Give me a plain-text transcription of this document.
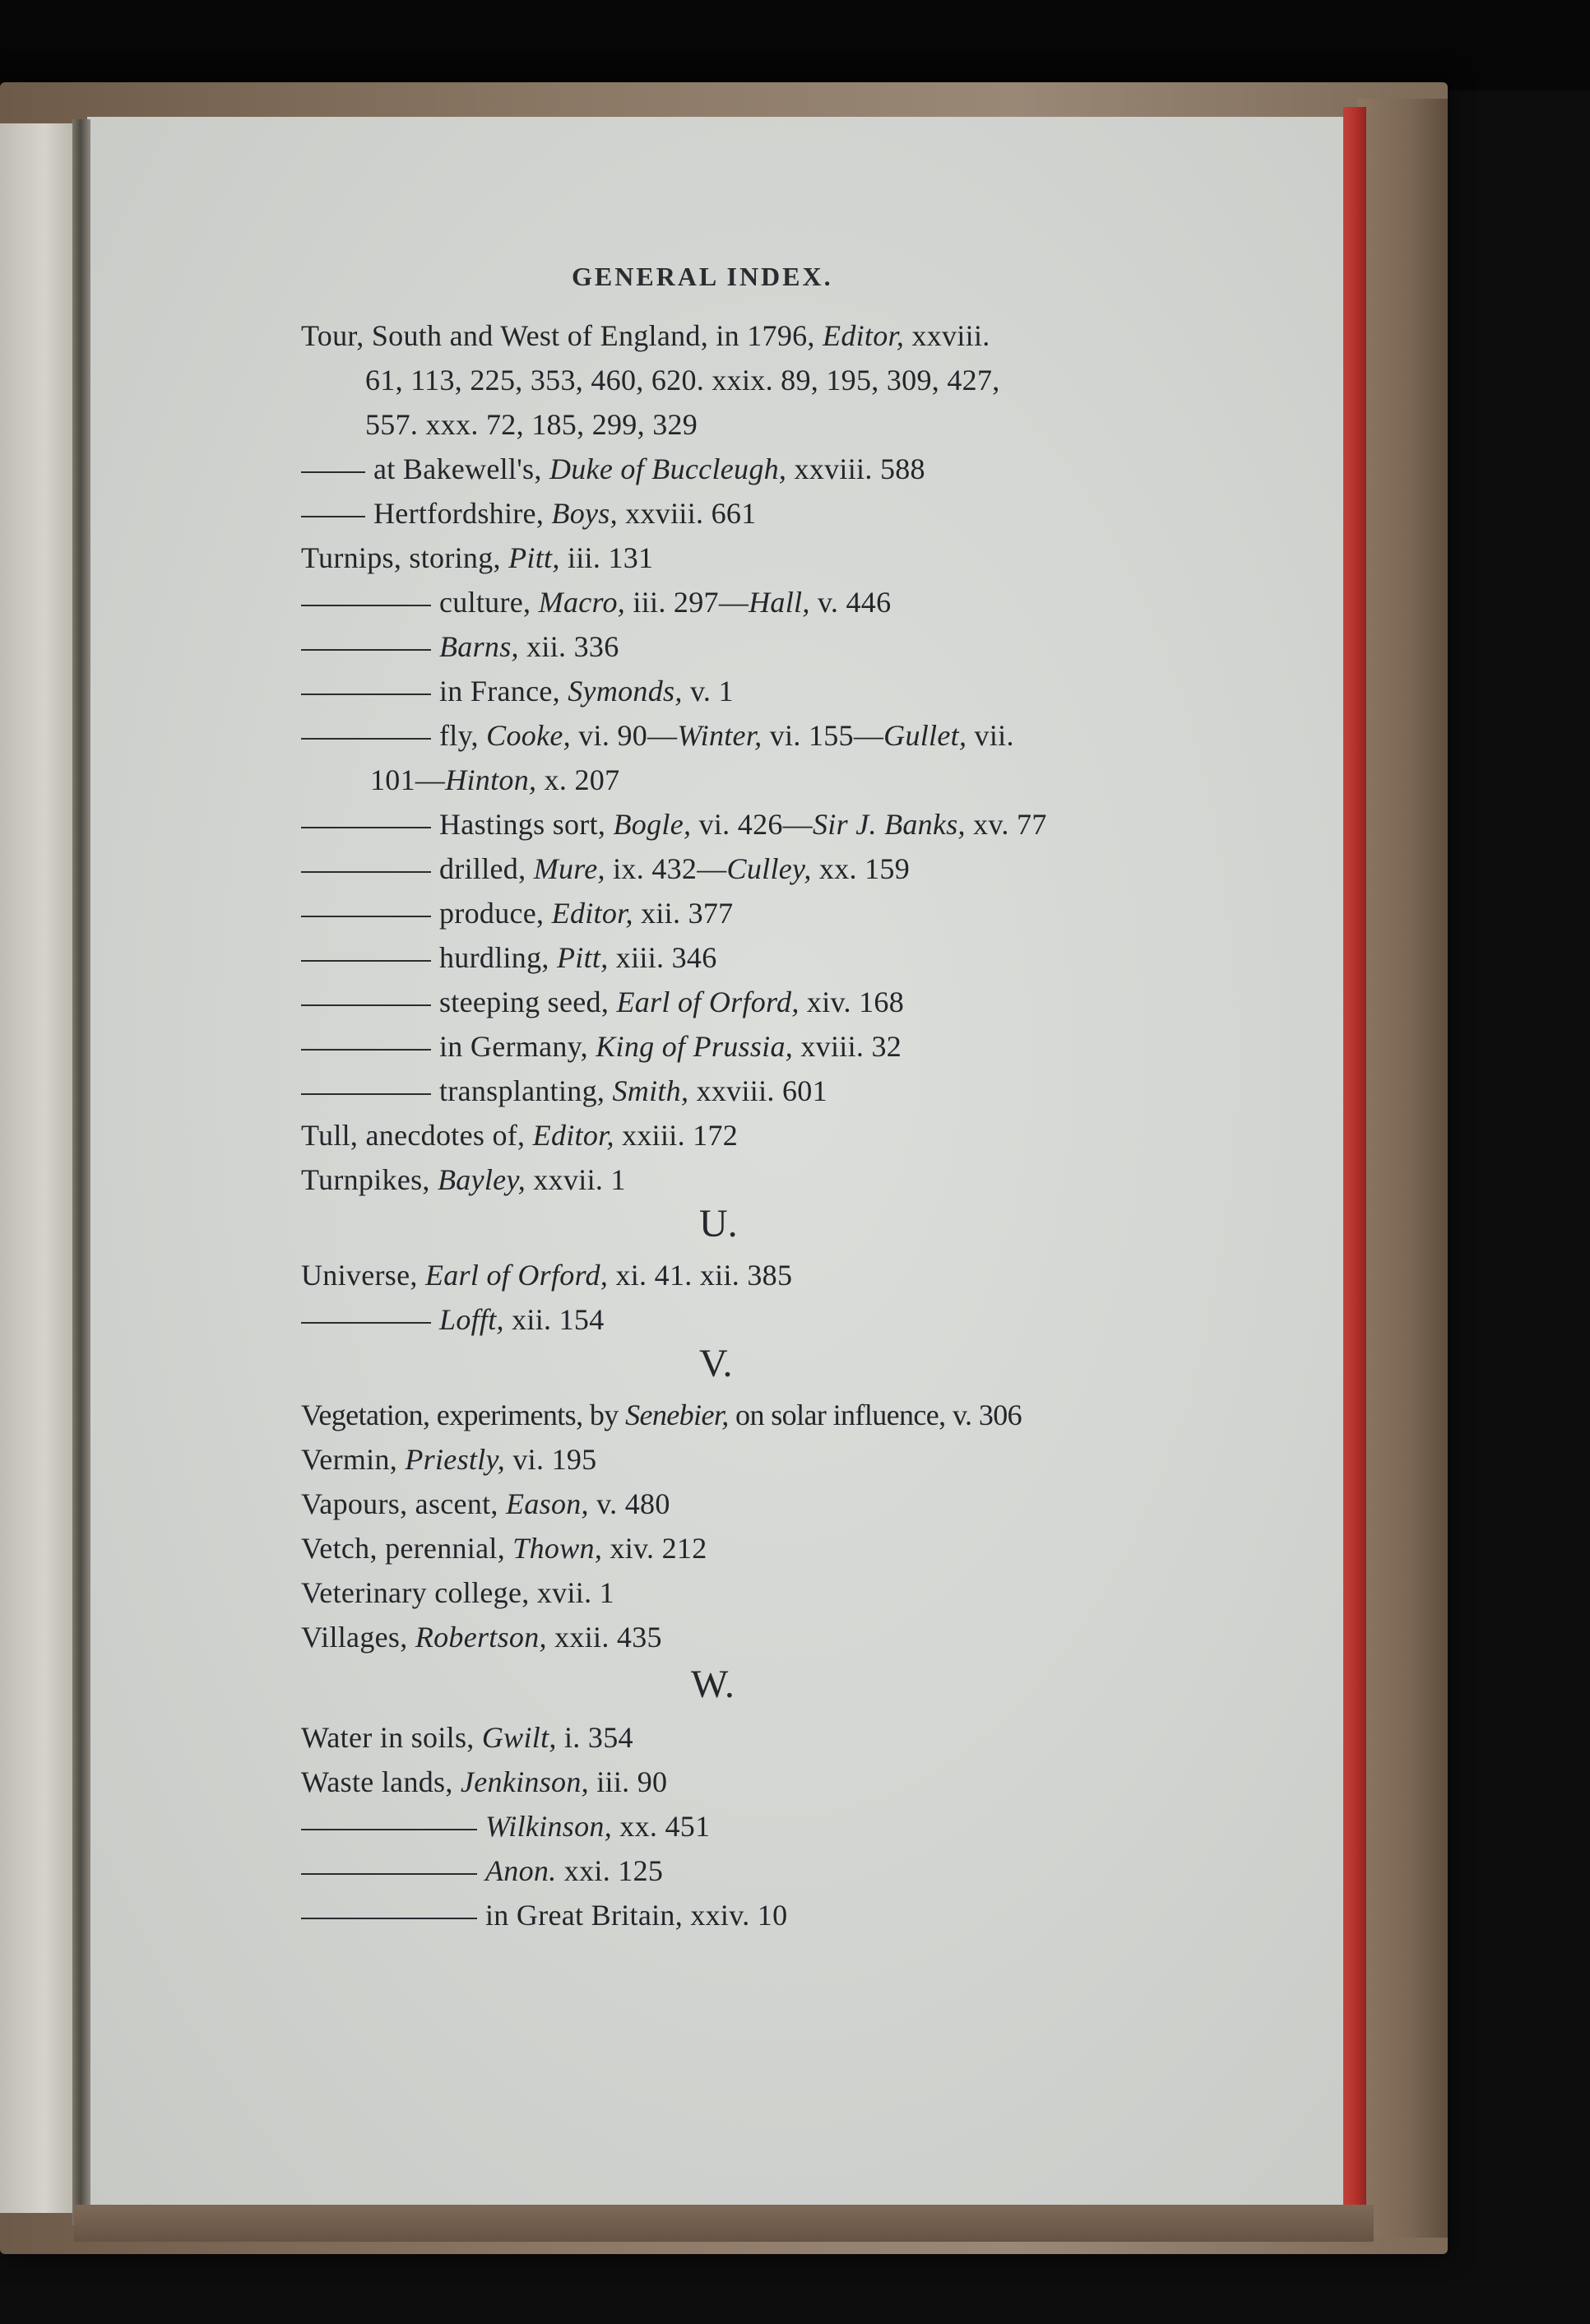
GENERAL INDEX.
Tour, South and West of England, in 1796, Editor, xxviii.
61, 113, 225, 353, 460, 620. xxix. 89, 195, 309, 427,
557. xxx. 72, 185, 299, 329
at Bakewell's, Duke of Buccleugh, xxviii. 588
Hertfordshire, Boys, xxviii. 661
Turnips, storing, Pitt, iii. 131
culture, Macro, iii. 297—Hall, v. 446
Barns, xii. 336
in France, Symonds, v. 1
fly, Cooke, vi. 90—Winter, vi. 155—Gullet, vii.
101—Hinton, x. 207
Hastings sort, Bogle, vi. 426—Sir J. Banks, xv. 77
drilled, Mure, ix. 432—Culley, xx. 159
produce, Editor, xii. 377
hurdling, Pitt, xiii. 346
steeping seed, Earl of Orford, xiv. 168
in Germany, King of Prussia, xviii. 32
transplanting, Smith, xxviii. 601
Tull, anecdotes of, Editor, xxiii. 172
Turnpikes, Bayley, xxvii. 1
U.
Universe, Earl of Orford, xi. 41. xii. 385
Lofft, xii. 154
V.
Vegetation, experiments, by Senebier, on solar influence, v. 306
Vermin, Priestly, vi. 195
Vapours, ascent, Eason, v. 480
Vetch, perennial, Thown, xiv. 212
Veterinary college, xvii. 1
Villages, Robertson, xxii. 435
W.
Water in soils, Gwilt, i. 354
Waste lands, Jenkinson, iii. 90
Wilkinson, xx. 451
Anon. xxi. 125
in Great Britain, xxiv. 10
